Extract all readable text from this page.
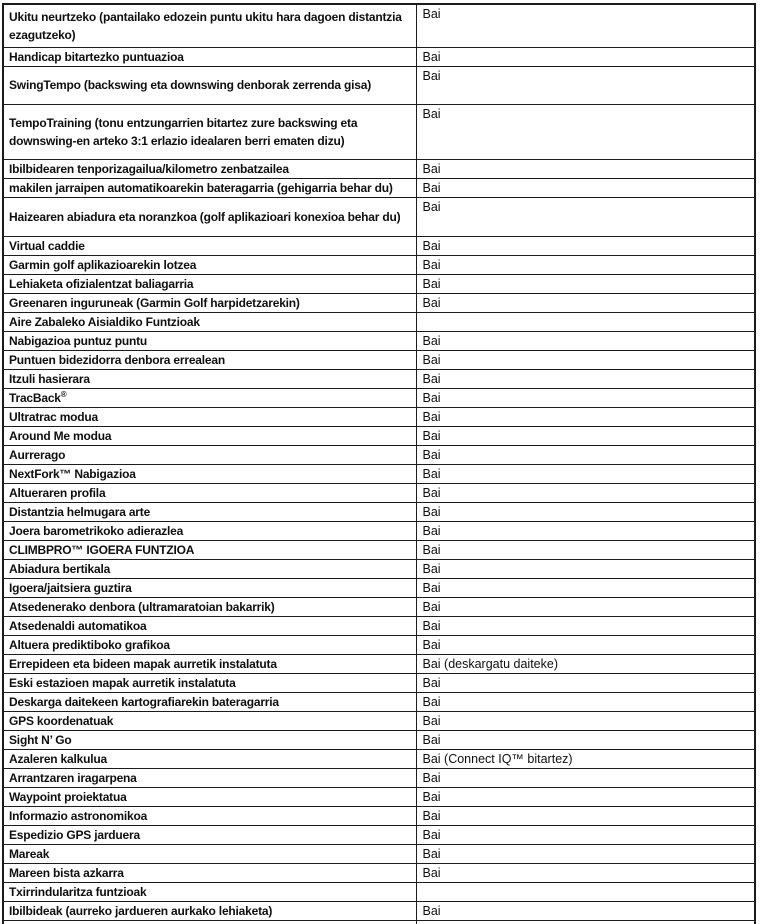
Ukitu neurtzeko (pantailako edozein puntu ukitu hara dagoen distantzia ezagutzeko)	Bai
Handicap bitartezko puntuazioa	Bai
SwingTempo (backswing eta downswing denborak zerrenda gisa)	Bai
TempoTraining (tonu entzungarrien bitartez zure backswing eta downswing-en arteko 3:1 erlazio idealaren berri ematen dizu)	Bai
Ibilbidearen tenporizagailua/kilometro zenbatzailea	Bai
makilen jarraipen automatikoarekin bateragarria (gehigarria behar du)	Bai
Haizearen abiadura eta noranzkoa (golf aplikazioari konexioa behar du)	Bai
Virtual caddie	Bai
Garmin golf aplikazioarekin lotzea	Bai
Lehiaketa ofizialentzat baliagarria	Bai
Greenaren inguruneak (Garmin Golf harpidetzarekin)	Bai
Aire Zabaleko Aisialdiko Funtzioak	
Nabigazioa puntuz puntu	Bai
Puntuen bidezidorra denbora errealean	Bai
Itzuli hasierara	Bai
TracBack®	Bai
Ultratrac modua	Bai
Around Me modua	Bai
Aurrerago	Bai
NextFork™ Nabigazioa	Bai
Altueraren profila	Bai
Distantzia helmugara arte	Bai
Joera barometrikoko adierazlea	Bai
CLIMBPRO™ IGOERA FUNTZIOA	Bai
Abiadura bertikala	Bai
Igoera/jaitsiera guztira	Bai
Atsedenerako denbora (ultramaratoian bakarrik)	Bai
Atsedenaldi automatikoa	Bai
Altuera prediktiboko grafikoa	Bai
Errepideen eta bideen mapak aurretik instalatuta	Bai (deskargatu daiteke)
Eski estazioen mapak aurretik instalatuta	Bai
Deskarga daitekeen kartografiarekin bateragarria	Bai
GPS koordenatuak	Bai
Sight N’ Go	Bai
Azaleren kalkulua	Bai (Connect IQ™ bitartez)
Arrantzaren iragarpena	Bai
Waypoint proiektatua	Bai
Informazio astronomikoa	Bai
Espedizio GPS jarduera	Bai
Mareak	Bai
Mareen bista azkarra	Bai
Txirrindularitza funtzioak	
Ibilbideak (aurreko jardueren aurkako lehiaketa)	Bai
